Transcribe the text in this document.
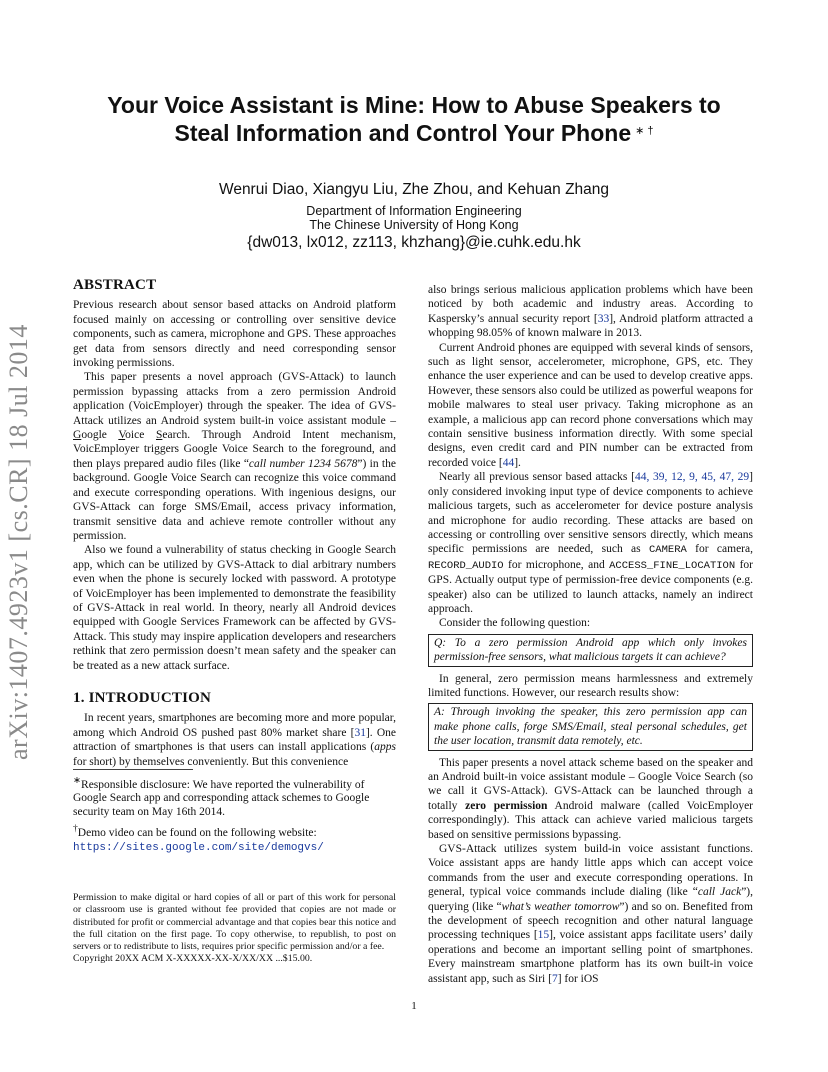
Your Voice Assistant is Mine: How to Abuse Speakers to
Steal Information and Control Your Phone ∗ †
Wenrui Diao, Xiangyu Liu, Zhe Zhou, and Kehuan Zhang
Department of Information Engineering
The Chinese University of Hong Kong
{dw013, lx012, zz113, khzhang}@ie.cuhk.edu.hk
arXiv:1407.4923v1 [cs.CR] 18 Jul 2014
ABSTRACT

Previous research about sensor based attacks on Android platform focused mainly on accessing or controlling over sensitive device components, such as camera, microphone and GPS. These approaches get data from sensors directly and need corresponding sensor invoking permissions.

This paper presents a novel approach (GVS-Attack) to launch permission bypassing attacks from a zero permission Android application (VoicEmployer) through the speaker. The idea of GVS-Attack utilizes an Android system built-in voice assistant module – Google Voice Search. Through Android Intent mechanism, VoicEmployer triggers Google Voice Search to the foreground, and then plays prepared audio files (like “call number 1234 5678”) in the background. Google Voice Search can recognize this voice command and execute corresponding operations. With ingenious designs, our GVS-Attack can forge SMS/Email, access privacy information, transmit sensitive data and achieve remote controller without any permission.

Also we found a vulnerability of status checking in Google Search app, which can be utilized by GVS-Attack to dial arbitrary numbers even when the phone is securely locked with password. A prototype of VoicEmployer has been implemented to demonstrate the feasibility of GVS-Attack in real world. In theory, nearly all Android devices equipped with Google Services Framework can be affected by GVS-Attack. This study may inspire application developers and researchers rethink that zero permission doesn’t mean safety and the speaker can be treated as a new attack surface.

1. INTRODUCTION

In recent years, smartphones are becoming more and more popular, among which Android OS pushed past 80% market share [31]. One attraction of smartphones is that users can install applications (apps for short) by themselves conveniently. But this convenience

∗Responsible disclosure: We have reported the vulnerability of Google Search app and corresponding attack schemes to Google security team on May 16th 2014.

†Demo video can be found on the following website: https://sites.google.com/site/demogvs/

Permission to make digital or hard copies of all or part of this work for personal or classroom use is granted without fee provided that copies are not made or distributed for profit or commercial advantage and that copies bear this notice and the full citation on the first page. To copy otherwise, to republish, to post on servers or to redistribute to lists, requires prior specific permission and/or a fee.

Copyright 20XX ACM X-XXXXX-XX-X/XX/XX ...$15.00.

also brings serious malicious application problems which have been noticed by both academic and industry areas. According to Kaspersky’s annual security report [33], Android platform attracted a whopping 98.05% of known malware in 2013.

Current Android phones are equipped with several kinds of sensors, such as light sensor, accelerometer, microphone, GPS, etc. They enhance the user experience and can be used to develop creative apps. However, these sensors also could be utilized as powerful weapons for mobile malwares to steal user privacy. Taking microphone as an example, a malicious app can record phone conversations which may contain sensitive business information directly. With some special designs, even credit card and PIN number can be extracted from recorded voice [44].

Nearly all previous sensor based attacks [44, 39, 12, 9, 45, 47, 29] only considered invoking input type of device components to achieve malicious targets, such as accelerometer for device posture analysis and microphone for audio recording. These attacks are based on accessing or controlling over sensitive sensors directly, which means specific permissions are needed, such as CAMERA for camera, RECORD_AUDIO for microphone, and ACCESS_FINE_LOCATION for GPS. Actually output type of permission-free device components (e.g. speaker) also can be utilized to launch attacks, namely an indirect approach.

Consider the following question:

Q: To a zero permission Android app which only invokes permission-free sensors, what malicious targets it can achieve?

In general, zero permission means harmlessness and extremely limited functions. However, our research results show:

A: Through invoking the speaker, this zero permission app can make phone calls, forge SMS/Email, steal personal schedules, get the user location, transmit data remotely, etc.

This paper presents a novel attack scheme based on the speaker and an Android built-in voice assistant module – Google Voice Search (so we call it GVS-Attack). GVS-Attack can be launched through a totally zero permission Android malware (called VoicEmployer correspondingly). This attack can achieve varied malicious targets based on sensitive permissions bypassing.

GVS-Attack utilizes system build-in voice assistant functions. Voice assistant apps are handy little apps which can accept voice commands from the user and execute corresponding operations. In general, typical voice commands include dialing (like “call Jack”), querying (like “what’s weather tomorrow”) and so on. Benefited from the development of speech recognition and other natural language processing techniques [15], voice assistant apps facilitate users’ daily operations and become an important selling point of smartphones. Every mainstream smartphone platform has its own built-in voice assistant app, such as Siri [7] for iOS

1
